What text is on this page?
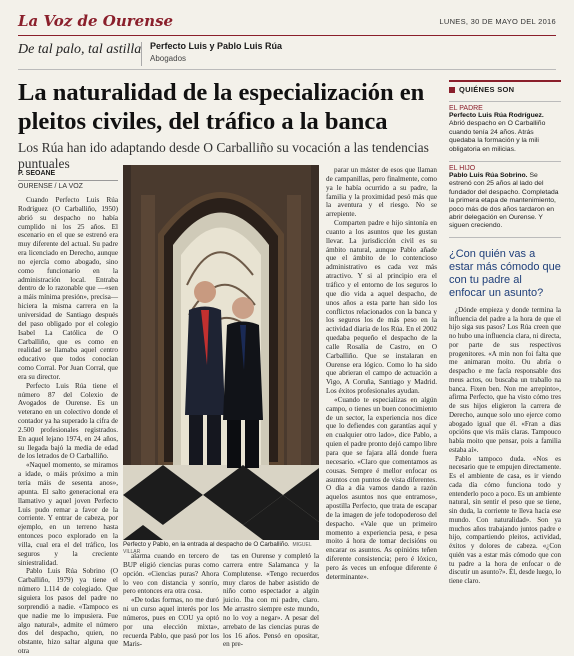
La Voz de Ourense	LUNES, 30 DE MAYO DEL 2016
De tal palo, tal astilla Perfecto Luis y Pablo Luis Rúa
Abogados
La naturalidad de la especialización en pleitos civiles, del tráfico a la banca
Los Rúa han ido adaptando desde O Carballiño su vocación a las tendencias puntuales
P. SEOANE
OURENSE / LA VOZ

Cuando Perfecto Luis Rúa Rodríguez (O Carballiño, 1950) abrió su despacho no había cumplido ni los 25 años. El escenario en el que se estrenó era muy diferente del actual. Su padre era licenciado en Derecho, aunque no ejercía como abogado, sino como funcionario en la administración local. Entraba dentro de lo razonable que —«sen a máis mínima presión», precisa— hiciera la misma carrera en la universidad de Santiago después del paso obligado por el colegio Isabel La Católica de O Carballiño, que es como en realidad se llamaba aquel centro educativo que todos conocían como Corral. Por Juan Corral, que era su director.

Perfecto Luis Rúa tiene el número 87 del Colexio de Avogados de Ourense. Es un veterano en un colectivo donde el contador ya ha superado la cifra de 2.500 profesionales registrados. En aquel lejano 1974, en 24 años, su llegada bajó la media de edad de los letrados de O Carballiño.

«Naquel momento, se miramos a idade, o máis próximo a min tería máis de sesenta anos», apunta. El salto generacional era llamativo y aquel joven Perfecto Luis pudo remar a favor de la corriente. Y entrar de cabeza, por ejemplo, en un terreno hasta entonces poco explorado en la villa, cual era el del tráfico, los seguros y la creciente siniestralidad.

Pablo Luis Rúa Sobrino (O Carballiño, 1979) ya tiene el número 1.114 de colegiado. Que siguiera los pasos del padre no sorprendió a nadie. «Tampoco es que nadie me lo impusiera. Fue algo natural», admite el número dos del despacho, quien, no obstante, hizo saltar alguna que otra

Perfecto y Pablo, en la entrada al despacho de O Carballiño. MIGUEL VILLAR

alarma cuando en tercero de BUP eligió ciencias puras como opción. «Ciencias puras? Ahora lo veo con distancia y sonrío, pero entonces era otra cosa.

«De todas formas, no me duró ni un curso aquel interés por los números, pues en COU ya optó por una elección mixta», recuerda Pablo, que pasó por los Maris-

tas en Ourense y completó la carrera entre Salamanca y la Complutense. «Tengo recuerdos muy claros de haber asistido de niño como espectador a algún juicio. Iba con mi padre, claro. Me arrastro siempre este mundo, no lo voy a negar». A pesar del arrebato de las ciencias puras de los 16 años. Pensó en opositar, en pre-

parar un máster de esos que llaman de campanillas, pero finalmente, como ya le había ocurrido a su padre, la familia y la proximidad pesó más que la aventura y el riesgo. No se arrepiente.

Comparten padre e hijo sintonía en cuanto a los asuntos que les gustan llevar. La jurisdicción civil es su ámbito natural, aunque Pablo añade que el ámbito de lo contencioso administrativo es cada vez más atractivo. Y si al principio era el tráfico y el entorno de los seguros lo que dio vida a aquel despacho, de unos años a esta parte han sido los conflictos relacionados con la banca y los seguros los de más peso en la actividad diaria de los Rúa. En el 2002 quedaba pequeño el despacho de la calle Rosalía de Castro, en O Carballiño. Que se instalaran en Ourense era lógico. Como lo ha sido que abrieran el campo de actuación a Vigo, A Coruña, Santiago y Madrid. Los éxitos profesionales ayudan.

«Cuando te especializas en algún campo, o tienes un buen conocimiento de un sector, la experiencia nos dice que lo defiendes con garantías aquí y en cualquier otro lado», dice Pablo, a quien el padre pronto dejó campo libre para que se fajara allá donde fuera necesario. «Claro que comentamos as cousas. Sempre é mellor enfocar os asuntos con puntos de vista diferentes. O día a día vamos dando a razón aquelos asuntos nos que entramos», apostilla Perfecto, que trata de escapar de la imagen de jefe todopoderoso del despacho. «Vale que un primeiro momento a experiencia pesa, e pesa moito á hora de tomar decisións ou encarar os asuntos. As opinións teñen diferente consistencia; pero é lóxico, pero ás veces un enfoque diferente é determinante».

QUIÉNES SON
EL PADRE
Perfecto Luis Rúa Rodríguez. Abrió despacho en O Carballiño cuando tenía 24 años. Atrás quedaba la formación y la mili obligatoria en milicias.
EL HIJO
Pablo Luis Rúa Sobrino. Se estrenó con 25 años al lado del fundador del despacho. Completada la primera etapa de mantenimiento, poco más de dos años tardaron en abrir delegación en Ourense. Y siguen creciendo.
¿Con quién vas a estar más cómodo que con tu padre al enfocar un asunto?

¿Dónde empieza y donde termina la influencia del padre a la hora de que el hijo siga sus pasos? Los Rúa creen que no hubo una influencia clara, ni directa, por parte de sus respectivos progenitores. «A min non foi falta que me animaran moito. Ou abría o despacho e me facía responsable dos meus actos, ou buscaba un traballo na banca. Fixen ben. Non me arrepinto», afirma Perfecto, que ha visto cómo tres de sus hijos eligieron la carrera de Derecho, aunque solo uno ejerce como abogado igual que él. «Fran a días opcións que vis máis claras. Tampouco había moito que pensar, pois a familia estaba aí».

Pablo tampoco duda. «Nos es necesario que te empujen directamente. Es el ambiente de casa, es ir viendo cada día cómo funciona todo y entenderlo poco a poco. Es un ambiente natural, sin sentir el peso que se tiene, sin duda, la corriente te lleva hacia ese mundo. Con naturalidad». Son ya muchos años trabajando juntos padre e hijo, compartiendo pleitos, actividad, éxitos y dolores de cabeza. «¿Con quién vas a estar más cómodo que con tu padre a la hora de enfocar o de discutir un asunto?». Él, desde luego, lo tiene claro.
